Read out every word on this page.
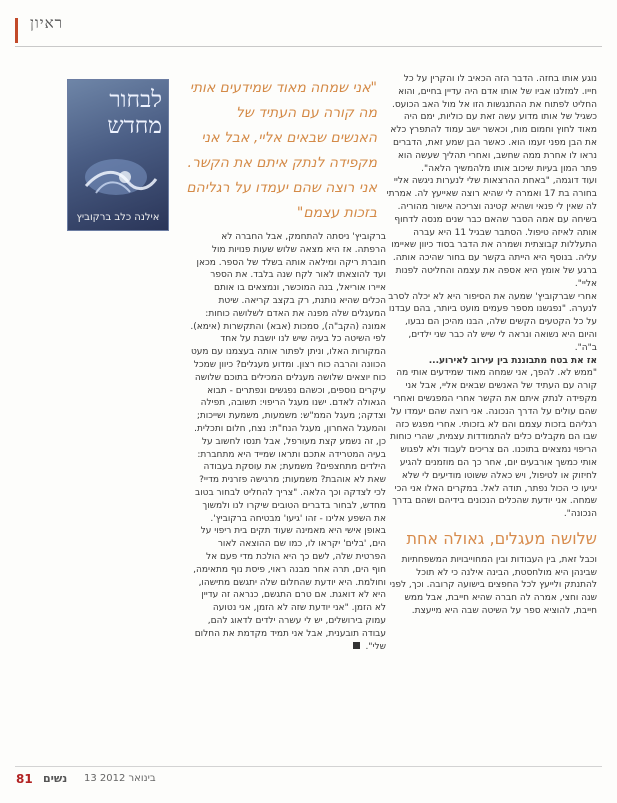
ראיון
לבחור מחדש
אילנה כלב ברקוביץ
"אני שמחה מאוד שמידעים אותי מה קורה עם העתיד של האנשים שבאים אליי, אבל אני מקפידה לנתק איתם את הקשר. אני רוצה שהם יעמדו על רגליהם בזכות עצמם"

נוגע אותו בחזה. הדבר הזה הכאיב לו והקרין על כל חייו. למזלנו אביו של אותו אדם היה עדיין בחיים, והוא החליט לפתוח את ההתנגשות הזו אל מול האב הכועס. כשגיל של אותו מדוע עשה זאת עם כוליות, ימם היה מאוד לחוץ וחמום מוח, וכאשר ישב עמוד להתפרץ כלא את הבן מפני זעמו הוא. כאשר הבן שמע זאת, הדברים נראו לו אחרת ממה שחשב, ואחרי תהליך שעשה הוא פתר המון בעיות שיכוב אותו מלהמשיך הלאה".

ועוד דוגמה, "באחת ההרצאות שלי לנערות ניגשה אליי בחורה בת 17 ואמרה לי שהיא רוצה שאייעץ לה. אמרתי לה שאין לי פנאי ושהיא קטינה וצריכה אישור מהוריה. בשיחה עם אמה הסבר שהאם כבר שנים מנסה לדחוף אותה לאיזה טיפול. הסתבר שבגיל 11 היא עברה התעללות קבוצתית ושמרה את הדבר בסוד כיוון שאיימו עליה. בנוסף היא הייתה בקשר עם בחור שהיכה אותה. ברגע של אומץ היא אספה את עצמה והחליטה לפנות אליי".

אחרי שברקוביץ' שמעה את הסיפור היא לא יכלה לסרב לנערה. "נפגשנו מספר פעמים מועט ביותר, בהם עבדנו על כל הקטעים הקשים שלה, הבנו מהיכן הם נבעו, והיום היא נשואה ונראה לי שיש לה כבר שני ילדים, ב"ה".

אז את בטח מתבוננת בין עירוב לאירוע...

"ממש לא. להפך, אני שמחה מאוד שמידעים אותי מה קורה עם העתיד של האנשים שבאים אליי, אבל אני מקפידה לנתק איתם את הקשר אחרי המפגשים ואחרי שהם עולים על הדרך הנכונה. אני רוצה שהם יעמדו על רגליהם בזכות עצמם והם לא בזכותי. אחרי מפגש כזה שבו הם מקבלים כלים להתמודדות עצמית, שהרי כוחות הריפוי נמצאים בתוכנו. הם צריכים לעבוד ולא לפגוש אותי כמשך אורבעים יום, אחר כך הם מוזמנים להגיע לחיזוק או לטיפול, ויש כאלה ששוטו מודיעים לי שלא יגיעו כי הכול נפתר, תודה לאל. במקרים האלו אני הכי שמחה. אני יודעת שהכלים הנכונים בידיהם ושהם בדרך הנכונה".

שלושה מעגלים, גאולה אחת

וכבל זאת, בין העבודות ובין המחוייבויות המשפחתיות שבינהן היא מולחסטת, הבינה אילנה כי לא תוכל להתנתק ולייעץ לכל החפצים בישועה קרובה. וכך, לפני שנה וחצי, אמרה לה חברה שהיא חייבת, אבל ממש חייבת, להוציא ספר על השיטה שבה היא מייעצת.

ברקוביץ' ניסתה להתחמק, אבל החברה לא הרפתה. אז היא מצאה שלוש שעות פנויות מול חוברת ריקה ומילאה אותה בשלד של הספר. מכאן ועד להוצאתו לאור לקח שנה בלבד. את הספר איירו אוריאל, בנה המוכשר, ונמצאים בו אותם הכלים שהיא נותנת, רק בקצב קריאה. שיטת המעגלים שלה מפנה את האדם לשלושה כוחות: אמונה (הקב"ה), סמכות (אבא) והתקשרות (אימא). לפי השיטה כל בעיה שיש לנו יושבת על אחד המקורות האלו, וניתן לפתור אותה בעצמנו עם מעט הכוונה והרבה כוח רצון. ומדוע מעגלים? כיוון שמכל כוח יוצאים שלושה מעגלים המכילים בתוכם שלושה עיקרים נוספים, וכשהם נפגשים ונפתרים - תבוא הגאולה לאדם. ישנו מעגל הריפוי: תשובה, תפילה וצדקה; מעגל הממ"ש: משמעות, משמעת ושייכות; והמעגל האחרון, מעגל הנח"ת: נצח, חלום ותכלית. כן, זה נשמע קצת מעורפל, אבל תנסו לחשוב על בעיה המטרידה אתכם ותראו שמייד היא מתחברת: הילדים מתחצפים? משמעת; את עוסקת בעבודה שאת לא אוהבת? משמעות; מרגישה פזרנית מדיי? לכי לצדקה וכך הלאה. "צריך להחליט לבחור בטוב מחדש, לבחור בדברים הטובים שיקרו לנו ולמשוך את השפע אלינו - זהו 'גיעו' מבטיחה ברקוביץ'.

באופן אישי היא מאמינה שעוד תקים בית ריפוי על הים, 'בלים' יקראו לו, כמו שם ההוצאה לאור הפרטית שלה, לשם כך היא הולכת מדי פעם אל חוף הים, תרה אחר מבנה ראוי, פיסת נוף מתאימה, וחולמת. היא יודעת שהחלום שלה יתגשם מתישהו, היא לא דואגת. אם טרם התגשם, כנראה זה עדיין לא הזמן. "אני יודעת שזה לא הזמן, אני נטועה עמוק בירושלים, יש לי עשרה ילדים לדאוג להם, עבודה תובענית, אבל אני תמיד מקדמת את החלום שלי".

81 נשים 13 בינואר 2012
